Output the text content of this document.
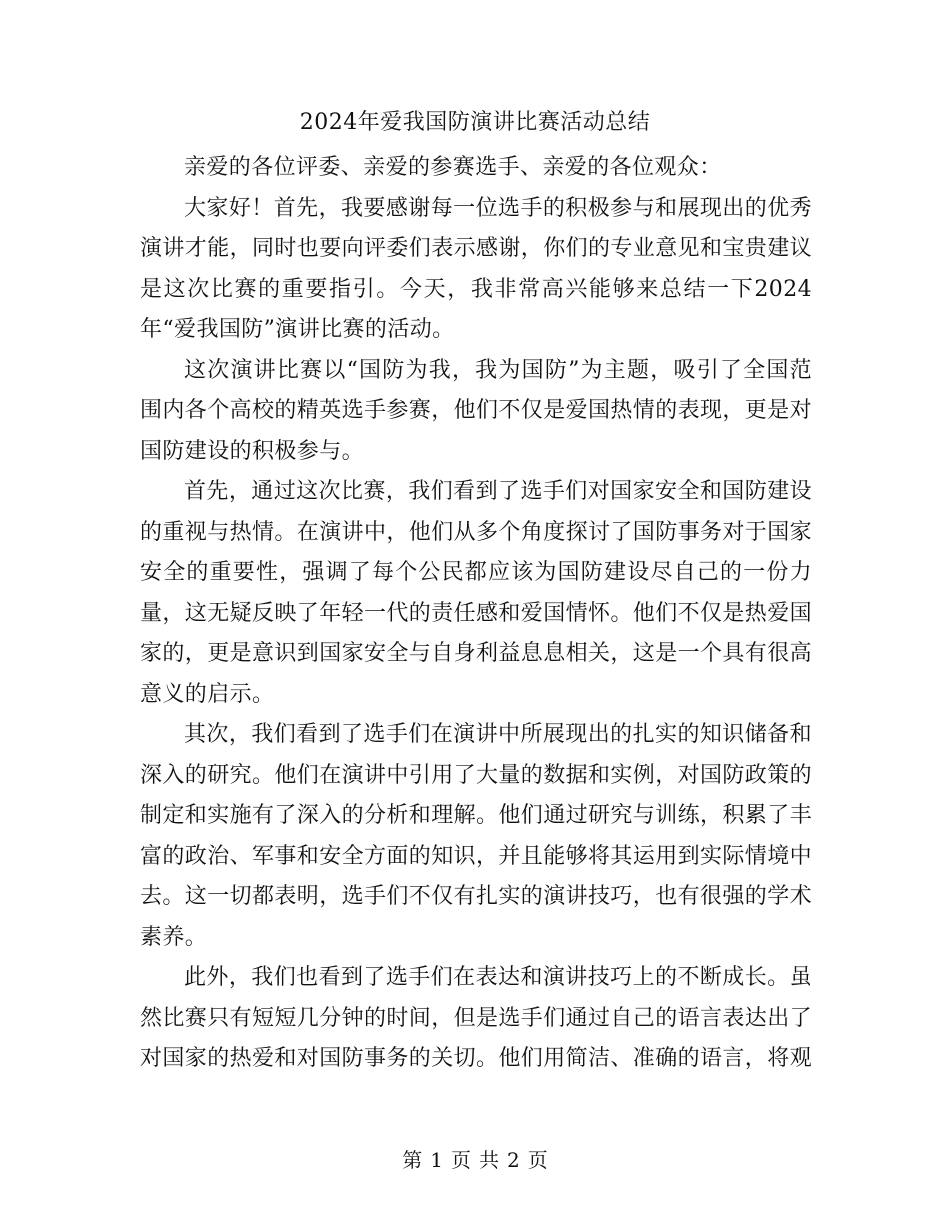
2024年爱我国防演讲比赛活动总结

亲爱的各位评委、亲爱的参赛选手、亲爱的各位观众：

大家好！首先，我要感谢每一位选手的积极参与和展现出的优秀演讲才能，同时也要向评委们表示感谢，你们的专业意见和宝贵建议是这次比赛的重要指引。今天，我非常高兴能够来总结一下2024年“爱我国防”演讲比赛的活动。

这次演讲比赛以“国防为我，我为国防”为主题，吸引了全国范围内各个高校的精英选手参赛，他们不仅是爱国热情的表现，更是对国防建设的积极参与。

首先，通过这次比赛，我们看到了选手们对国家安全和国防建设的重视与热情。在演讲中，他们从多个角度探讨了国防事务对于国家安全的重要性，强调了每个公民都应该为国防建设尽自己的一份力量，这无疑反映了年轻一代的责任感和爱国情怀。他们不仅是热爱国家的，更是意识到国家安全与自身利益息息相关，这是一个具有很高意义的启示。

其次，我们看到了选手们在演讲中所展现出的扎实的知识储备和深入的研究。他们在演讲中引用了大量的数据和实例，对国防政策的制定和实施有了深入的分析和理解。他们通过研究与训练，积累了丰富的政治、军事和安全方面的知识，并且能够将其运用到实际情境中去。这一切都表明，选手们不仅有扎实的演讲技巧，也有很强的学术素养。

此外，我们也看到了选手们在表达和演讲技巧上的不断成长。虽然比赛只有短短几分钟的时间，但是选手们通过自己的语言表达出了对国家的热爱和对国防事务的关切。他们用简洁、准确的语言，将观

第 1 页 共 2 页
